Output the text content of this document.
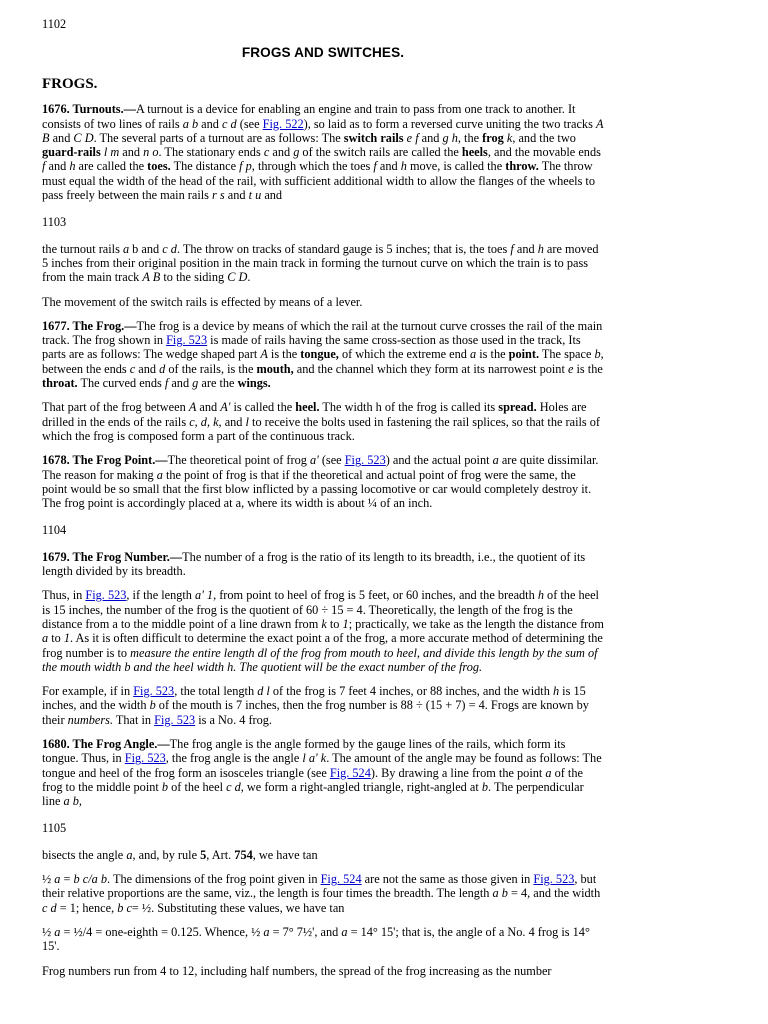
1102
FROGS AND SWITCHES.
FROGS.

1676. Turnouts.—A turnout is a device for enabling an engine and train to pass from one track to another. It consists of two lines of rails a b and c d (see Fig. 522), so laid as to form a reversed curve uniting the two tracks A B and C D. The several parts of a turnout are as follows: The switch rails e f and g h, the frog k, and the two guard-rails l m and n o. The stationary ends c and g of the switch rails are called the heels, and the movable ends f and h are called the toes. The distance f p, through which the toes f and h move, is called the throw. The throw must equal the width of the head of the rail, with sufficient additional width to allow the flanges of the wheels to pass freely between the main rails r s and t u and

1103

the turnout rails a b and c d. The throw on tracks of standard gauge is 5 inches; that is, the toes f and h are moved 5 inches from their original position in the main track in forming the turnout curve on which the train is to pass from the main track A B to the siding C D.

The movement of the switch rails is effected by means of a lever.

1677. The Frog.—The frog is a device by means of which the rail at the turnout curve crosses the rail of the main track. The frog shown in Fig. 523 is made of rails having the same cross-section as those used in the track, Its parts are as follows: The wedge shaped part A is the tongue, of which the extreme end a is the point. The space b, between the ends c and d of the rails, is the mouth, and the channel which they form at its narrowest point e is the throat. The curved ends f and g are the wings.

That part of the frog between A and A' is called the heel. The width h of the frog is called its spread. Holes are drilled in the ends of the rails c, d, k, and l to receive the bolts used in fastening the rail splices, so that the rails of which the frog is composed form a part of the continuous track.

1678. The Frog Point.—The theoretical point of frog a' (see Fig. 523) and the actual point a are quite dissimilar. The reason for making a the point of frog is that if the theoretical and actual point of frog were the same, the point would be so small that the first blow inflicted by a passing locomotive or car would completely destroy it. The frog point is accordingly placed at a, where its width is about ¼ of an inch.

1104

1679. The Frog Number.—The number of a frog is the ratio of its length to its breadth, i.e., the quotient of its length divided by its breadth.

Thus, in Fig. 523, if the length a' 1, from point to heel of frog is 5 feet, or 60 inches, and the breadth h of the heel is 15 inches, the number of the frog is the quotient of 60 ÷ 15 = 4. Theoretically, the length of the frog is the distance from a to the middle point of a line drawn from k to 1; practically, we take as the length the distance from a to 1. As it is often difficult to determine the exact point a of the frog, a more accurate method of determining the frog number is to measure the entire length dl of the frog from mouth to heel, and divide this length by the sum of the mouth width b and the heel width h. The quotient will be the exact number of the frog.

For example, if in Fig. 523, the total length d l of the frog is 7 feet 4 inches, or 88 inches, and the width h is 15 inches, and the width b of the mouth is 7 inches, then the frog number is 88 ÷ (15 + 7) = 4. Frogs are known by their numbers. That in Fig. 523 is a No. 4 frog.

1680. The Frog Angle.—The frog angle is the angle formed by the gauge lines of the rails, which form its tongue. Thus, in Fig. 523, the frog angle is the angle l a' k. The amount of the angle may be found as follows: The tongue and heel of the frog form an isosceles triangle (see Fig. 524). By drawing a line from the point a of the frog to the middle point b of the heel c d, we form a right-angled triangle, right-angled at b. The perpendicular line a b,

1105

bisects the angle a, and, by rule 5, Art. 754, we have tan

½ a = b c/a b. The dimensions of the frog point given in Fig. 524 are not the same as those given in Fig. 523, but their relative proportions are the same, viz., the length is four times the breadth. The length a b = 4, and the width c d = 1; hence, b c= ½. Substituting these values, we have tan

½ a = ½/4 = one-eighth = 0.125. Whence, ½ a = 7° 7½', and a = 14° 15'; that is, the angle of a No. 4 frog is 14° 15'.

Frog numbers run from 4 to 12, including half numbers, the spread of the frog increasing as the number
